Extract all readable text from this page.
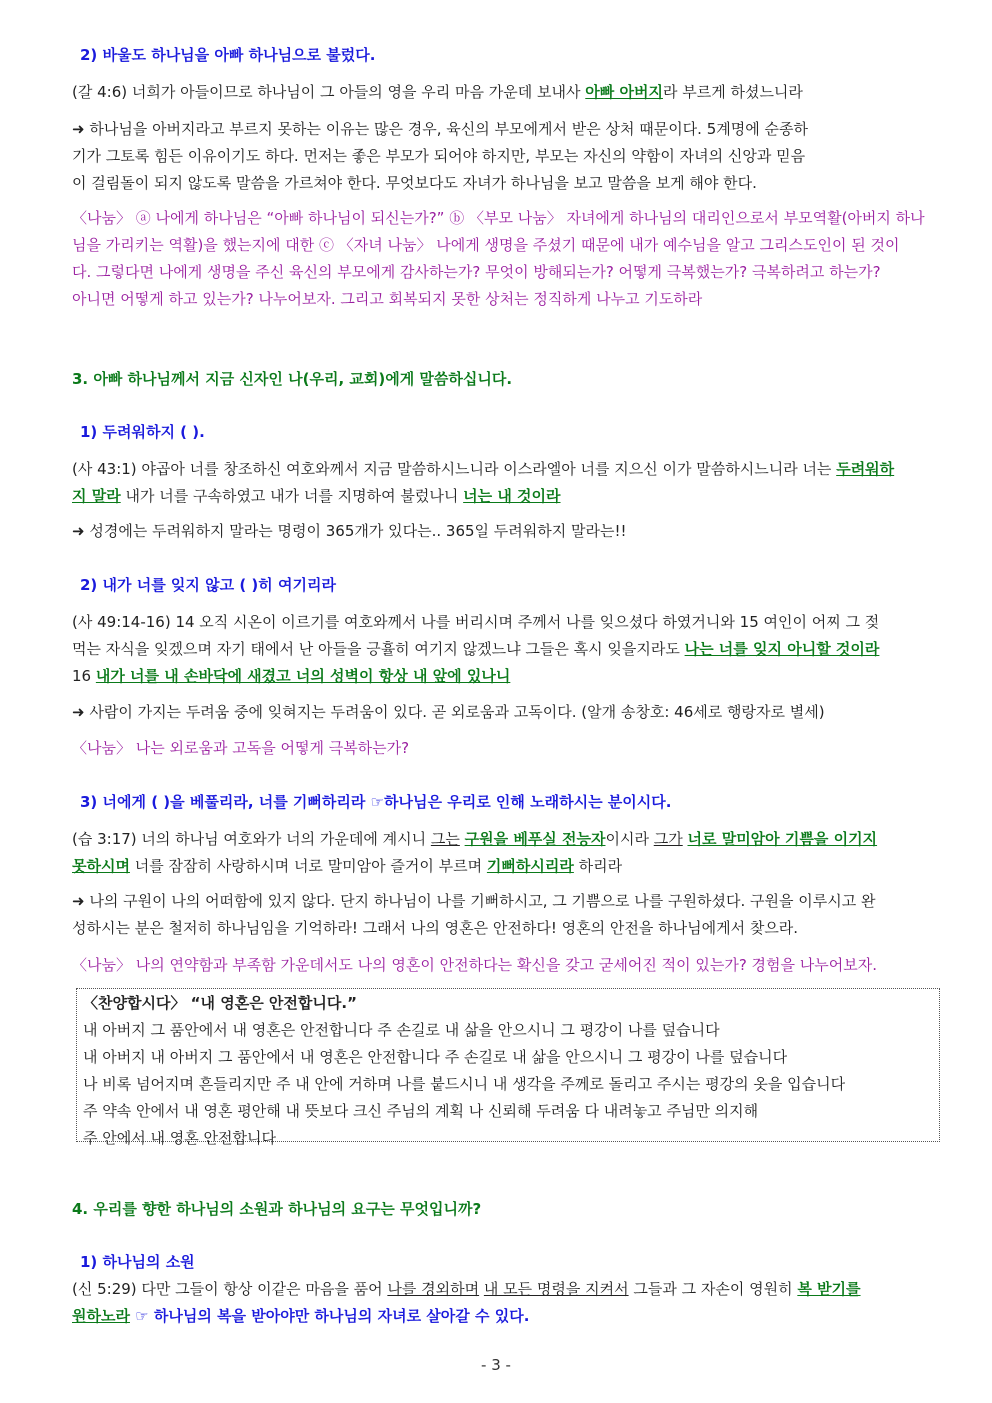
2) 바울도 하나님을 아빠 하나님으로 불렀다.
(갈 4:6) 너희가 아들이므로 하나님이 그 아들의 영을 우리 마음 가운데 보내사 아빠 아버지라 부르게 하셨느니라
➜ 하나님을 아버지라고 부르지 못하는 이유는 많은 경우, 육신의 부모에게서 받은 상처 때문이다. 5계명에 순종하
기가 그토록 힘든 이유이기도 하다. 먼저는 좋은 부모가 되어야 하지만, 부모는 자신의 약함이 자녀의 신앙과 믿음
이 걸림돌이 되지 않도록 말씀을 가르쳐야 한다. 무엇보다도 자녀가 하나님을 보고 말씀을 보게 해야 한다.
〈나눔〉 ⓐ 나에게 하나님은 “아빠 하나님이 되신는가?” ⓑ 〈부모 나눔〉 자녀에게 하나님의 대리인으로서 부모역활(아버지 하나
님을 가리키는 역활)을 했는지에 대한 ⓒ 〈자녀 나눔〉 나에게 생명을 주셨기 때문에 내가 예수님을 알고 그리스도인이 된 것이
다. 그렇다면 나에게 생명을 주신 육신의 부모에게 감사하는가? 무엇이 방해되는가? 어떻게 극복했는가? 극복하려고 하는가?
아니면 어떻게 하고 있는가? 나누어보자. 그리고 회복되지 못한 상처는 정직하게 나누고 기도하라
3. 아빠 하나님께서 지금 신자인 나(우리, 교회)에게 말씀하십니다.
1) 두려워하지 ( ).
(사 43:1) 야곱아 너를 창조하신 여호와께서 지금 말씀하시느니라 이스라엘아 너를 지으신 이가 말씀하시느니라 너는 두려워하
지 말라 내가 너를 구속하였고 내가 너를 지명하여 불렀나니 너는 내 것이라
➜ 성경에는 두려워하지 말라는 명령이 365개가 있다는.. 365일 두려워하지 말라는!!
2) 내가 너를 잊지 않고 ( )히 여기리라
(사 49:14-16) 14 오직 시온이 이르기를 여호와께서 나를 버리시며 주께서 나를 잊으셨다 하였거니와 15 여인이 어찌 그 젖
먹는 자식을 잊겠으며 자기 태에서 난 아들을 긍휼히 여기지 않겠느냐 그들은 혹시 잊을지라도 나는 너를 잊지 아니할 것이라
16 내가 너를 내 손바닥에 새겼고 너의 성벽이 항상 내 앞에 있나니
➜ 사람이 가지는 두려움 중에 잊혀지는 두려움이 있다. 곧 외로움과 고독이다. (알개 송창호: 46세로 행랑자로 별세)
〈나눔〉 나는 외로움과 고독을 어떻게 극복하는가?
3) 너에게 ( )을 베풀리라, 너를 기뻐하리라 ☞하나님은 우리로 인해 노래하시는 분이시다.
(습 3:17) 너의 하나님 여호와가 너의 가운데에 계시니 그는 구원을 베푸실 전능자이시라 그가 너로 말미암아 기쁨을 이기지
못하시며 너를 잠잠히 사랑하시며 너로 말미암아 즐거이 부르며 기뻐하시리라 하리라
➜ 나의 구원이 나의 어떠함에 있지 않다. 단지 하나님이 나를 기뻐하시고, 그 기쁨으로 나를 구원하셨다. 구원을 이루시고 완
성하시는 분은 철저히 하나님임을 기억하라! 그래서 나의 영혼은 안전하다! 영혼의 안전을 하나님에게서 찾으라.
〈나눔〉 나의 연약함과 부족함 가운데서도 나의 영혼이 안전하다는 확신을 갖고 굳세어진 적이 있는가? 경험을 나누어보자.
〈찬양합시다〉 “내 영혼은 안전합니다.”
내 아버지 그 품안에서 내 영혼은 안전합니다 주 손길로 내 삶을 안으시니 그 평강이 나를 덮습니다
내 아버지 내 아버지 그 품안에서 내 영혼은 안전합니다 주 손길로 내 삶을 안으시니 그 평강이 나를 덮습니다
나 비록 넘어지며 흔들리지만 주 내 안에 거하며 나를 붙드시니 내 생각을 주께로 돌리고 주시는 평강의 옷을 입습니다
주 약속 안에서 내 영혼 평안해 내 뜻보다 크신 주님의 계획 나 신뢰해 두려움 다 내려놓고 주님만 의지해
주 안에서 내 영혼 안전합니다
4. 우리를 향한 하나님의 소원과 하나님의 요구는 무엇입니까?
1) 하나님의 소원
(신 5:29) 다만 그들이 항상 이같은 마음을 품어 나를 경외하며 내 모든 명령을 지켜서 그들과 그 자손이 영원히 복 받기를
원하노라 ☞ 하나님의 복을 받아야만 하나님의 자녀로 살아갈 수 있다.
- 3 -
